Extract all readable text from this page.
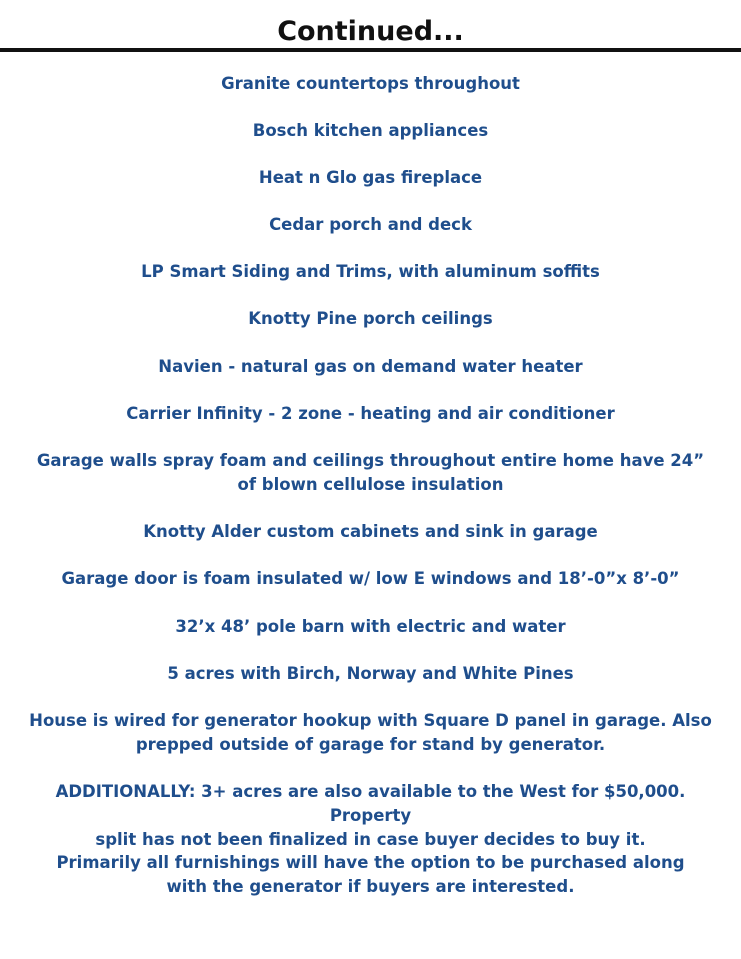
Continued...
Granite countertops throughout
Bosch kitchen appliances
Heat n Glo gas fireplace
Cedar porch and deck
LP Smart Siding and Trims, with aluminum soffits
Knotty Pine porch ceilings
Navien - natural gas on demand water heater
Carrier Infinity - 2 zone - heating and air conditioner
Garage walls spray foam and ceilings throughout entire home have 24”
of blown cellulose insulation
Knotty Alder custom cabinets and sink in garage
Garage door is foam insulated w/ low E windows and 18’-0”x 8’-0”
32’x 48’ pole barn with electric and water
5 acres with Birch, Norway and White Pines
House is wired for generator hookup with Square D panel in garage. Also
prepped outside of garage for stand by generator.
ADDITIONALLY: 3+ acres are also available to the West for $50,000. Property
split has not been finalized in case buyer decides to buy it.
Primarily all furnishings will have the option to be purchased along
with the generator if buyers are interested.
